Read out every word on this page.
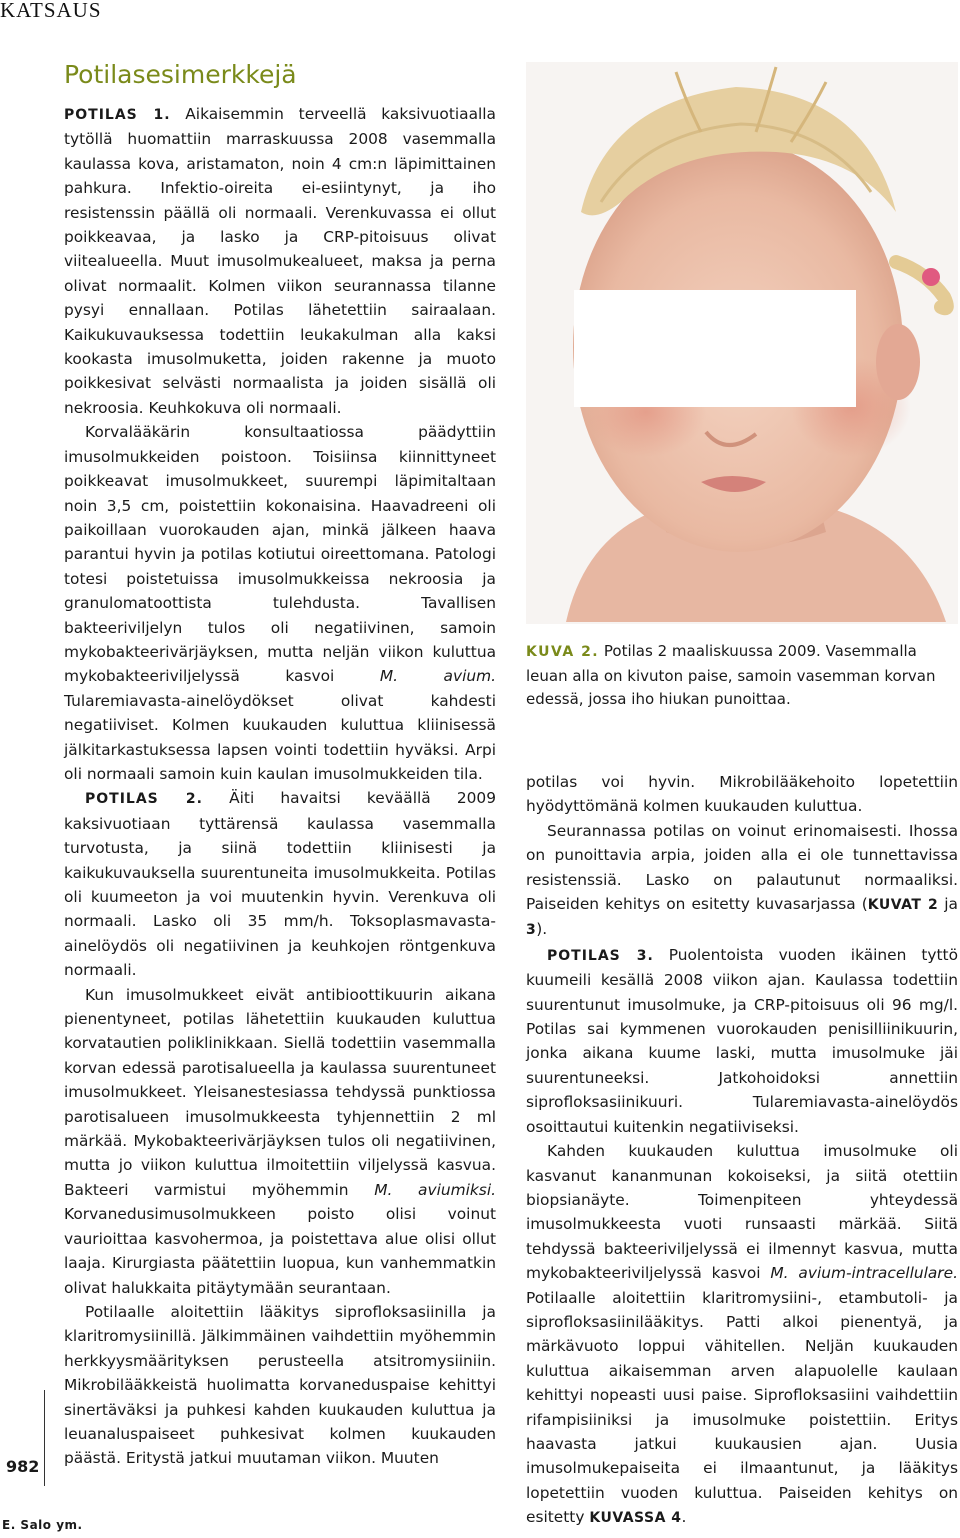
KATSAUS
Potilasesimerkkejä

POTILAS 1. Aikaisemmin terveellä kaksivuotiaalla tytöllä huomattiin marraskuussa 2008 vasemmalla kaulassa kova, aristamaton, noin 4 cm:n läpimittainen pahkura. Infektio-oireita ei-esiintynyt, ja iho resistenssin päällä oli normaali. Verenkuvassa ei ollut poikkeavaa, ja lasko ja CRP-pitoisuus olivat viitealueella. Muut imusolmukealueet, maksa ja perna olivat normaalit. Kolmen viikon seurannassa tilanne pysyi ennallaan. Potilas lähetettiin sairaalaan. Kaikukuvauksessa todettiin leukakulman alla kaksi kookasta imusolmuketta, joiden rakenne ja muoto poikkesivat selvästi normaalista ja joiden sisällä oli nekroosia. Keuhkokuva oli normaali.

Korvalääkärin konsultaatiossa päädyttiin imusolmukkeiden poistoon. Toisiinsa kiinnittyneet poikkeavat imusolmukkeet, suurempi läpimitaltaan noin 3,5 cm, poistettiin kokonaisina. Haavadreeni oli paikoillaan vuorokauden ajan, minkä jälkeen haava parantui hyvin ja potilas kotiutui oireettomana. Patologi totesi poistetuissa imusolmukkeissa nekroosia ja granulomatoottista tulehdusta. Tavallisen bakteeriviljelyn tulos oli negatiivinen, samoin mykobakteerivärjäyksen, mutta neljän viikon kuluttua mykobakteeriviljelyssä kasvoi M. avium. Tularemiavasta-ainelöydökset olivat kahdesti negatiiviset. Kolmen kuukauden kuluttua kliinisessä jälkitarkastuksessa lapsen vointi todettiin hyväksi. Arpi oli normaali samoin kuin kaulan imusolmukkeiden tila.

POTILAS 2. Äiti havaitsi keväällä 2009 kaksivuotiaan tyttärensä kaulassa vasemmalla turvotusta, ja siinä todettiin kliinisesti ja kaikukuvauksella suurentuneita imusolmukkeita. Potilas oli kuumeeton ja voi muutenkin hyvin. Verenkuva oli normaali. Lasko oli 35 mm/h. Toksoplasmavasta-ainelöydös oli negatiivinen ja keuhkojen röntgenkuva normaali.

Kun imusolmukkeet eivät antibioottikuurin aikana pienentyneet, potilas lähetettiin kuukauden kuluttua korvatautien poliklinikkaan. Siellä todettiin vasemmalla korvan edessä parotisalueella ja kaulassa suurentuneet imusolmukkeet. Yleisanestesiassa tehdyssä punktiossa parotisalueen imusolmukkeesta tyhjennettiin 2 ml märkää. Mykobakteerivärjäyksen tulos oli negatiivinen, mutta jo viikon kuluttua ilmoitettiin viljelyssä kasvua. Bakteeri varmistui myöhemmin M. aviumiksi. Korvanedusimusolmukkeen poisto olisi voinut vaurioittaa kasvohermoa, ja poistettava alue olisi ollut laaja. Kirurgiasta päätettiin luopua, kun vanhemmatkin olivat halukkaita pitäytymään seurantaan.

Potilaalle aloitettiin lääkitys siprofloksasiinilla ja klaritromysiinillä. Jälkimmäinen vaihdettiin myöhemmin herkkyysmäärityksen perusteella atsitromysiiniin. Mikrobilääkkeistä huolimatta korvaneduspaise kehittyi sinertäväksi ja puhkesi kahden kuukauden kuluttua ja leuanaluspaiseet puhkesivat kolmen kuukauden päästä. Eritystä jatkui muutaman viikon. Muuten

KUVA 2. Potilas 2 maaliskuussa 2009. Vasemmalla leuan alla on kivuton paise, samoin vasemman korvan edessä, jossa iho hiukan punoittaa.

potilas voi hyvin. Mikrobilääkehoito lopetettiin hyödyttömänä kolmen kuukauden kuluttua.

Seurannassa potilas on voinut erinomaisesti. Ihossa on punoittavia arpia, joiden alla ei ole tunnettavissa resistenssiä. Lasko on palautunut normaaliksi. Paiseiden kehitys on esitetty kuvasarjassa (KUVAT 2 ja 3).

POTILAS 3. Puolentoista vuoden ikäinen tyttö kuumeili kesällä 2008 viikon ajan. Kaulassa todettiin suurentunut imusolmuke, ja CRP-pitoisuus oli 96 mg/l. Potilas sai kymmenen vuorokauden penisilliinikuurin, jonka aikana kuume laski, mutta imusolmuke jäi suurentuneeksi. Jatkohoidoksi annettiin siprofloksasiinikuuri. Tularemiavasta-ainelöydös osoittautui kuitenkin negatiiviseksi.

Kahden kuukauden kuluttua imusolmuke oli kasvanut kananmunan kokoiseksi, ja siitä otettiin biopsianäyte. Toimenpiteen yhteydessä imusolmukkeesta vuoti runsaasti märkää. Siitä tehdyssä bakteeriviljelyssä ei ilmennyt kasvua, mutta mykobakteeriviljelyssä kasvoi M. avium-intracellulare. Potilaalle aloitettiin klaritromysiini-, etambutoli- ja siprofloksasiinilääkitys. Patti alkoi pienentyä, ja märkävuoto loppui vähitellen. Neljän kuukauden kuluttua aikaisemman arven alapuolelle kaulaan kehittyi nopeasti uusi paise. Siprofloksasiini vaihdettiin rifampisiiniksi ja imusolmuke poistettiin. Eritys haavasta jatkui kuukausien ajan. Uusia imusolmukepaiseita ei ilmaantunut, ja lääkitys lopetettiin vuoden kuluttua. Paiseiden kehitys on esitetty KUVASSA 4.

982
E. Salo ym.
